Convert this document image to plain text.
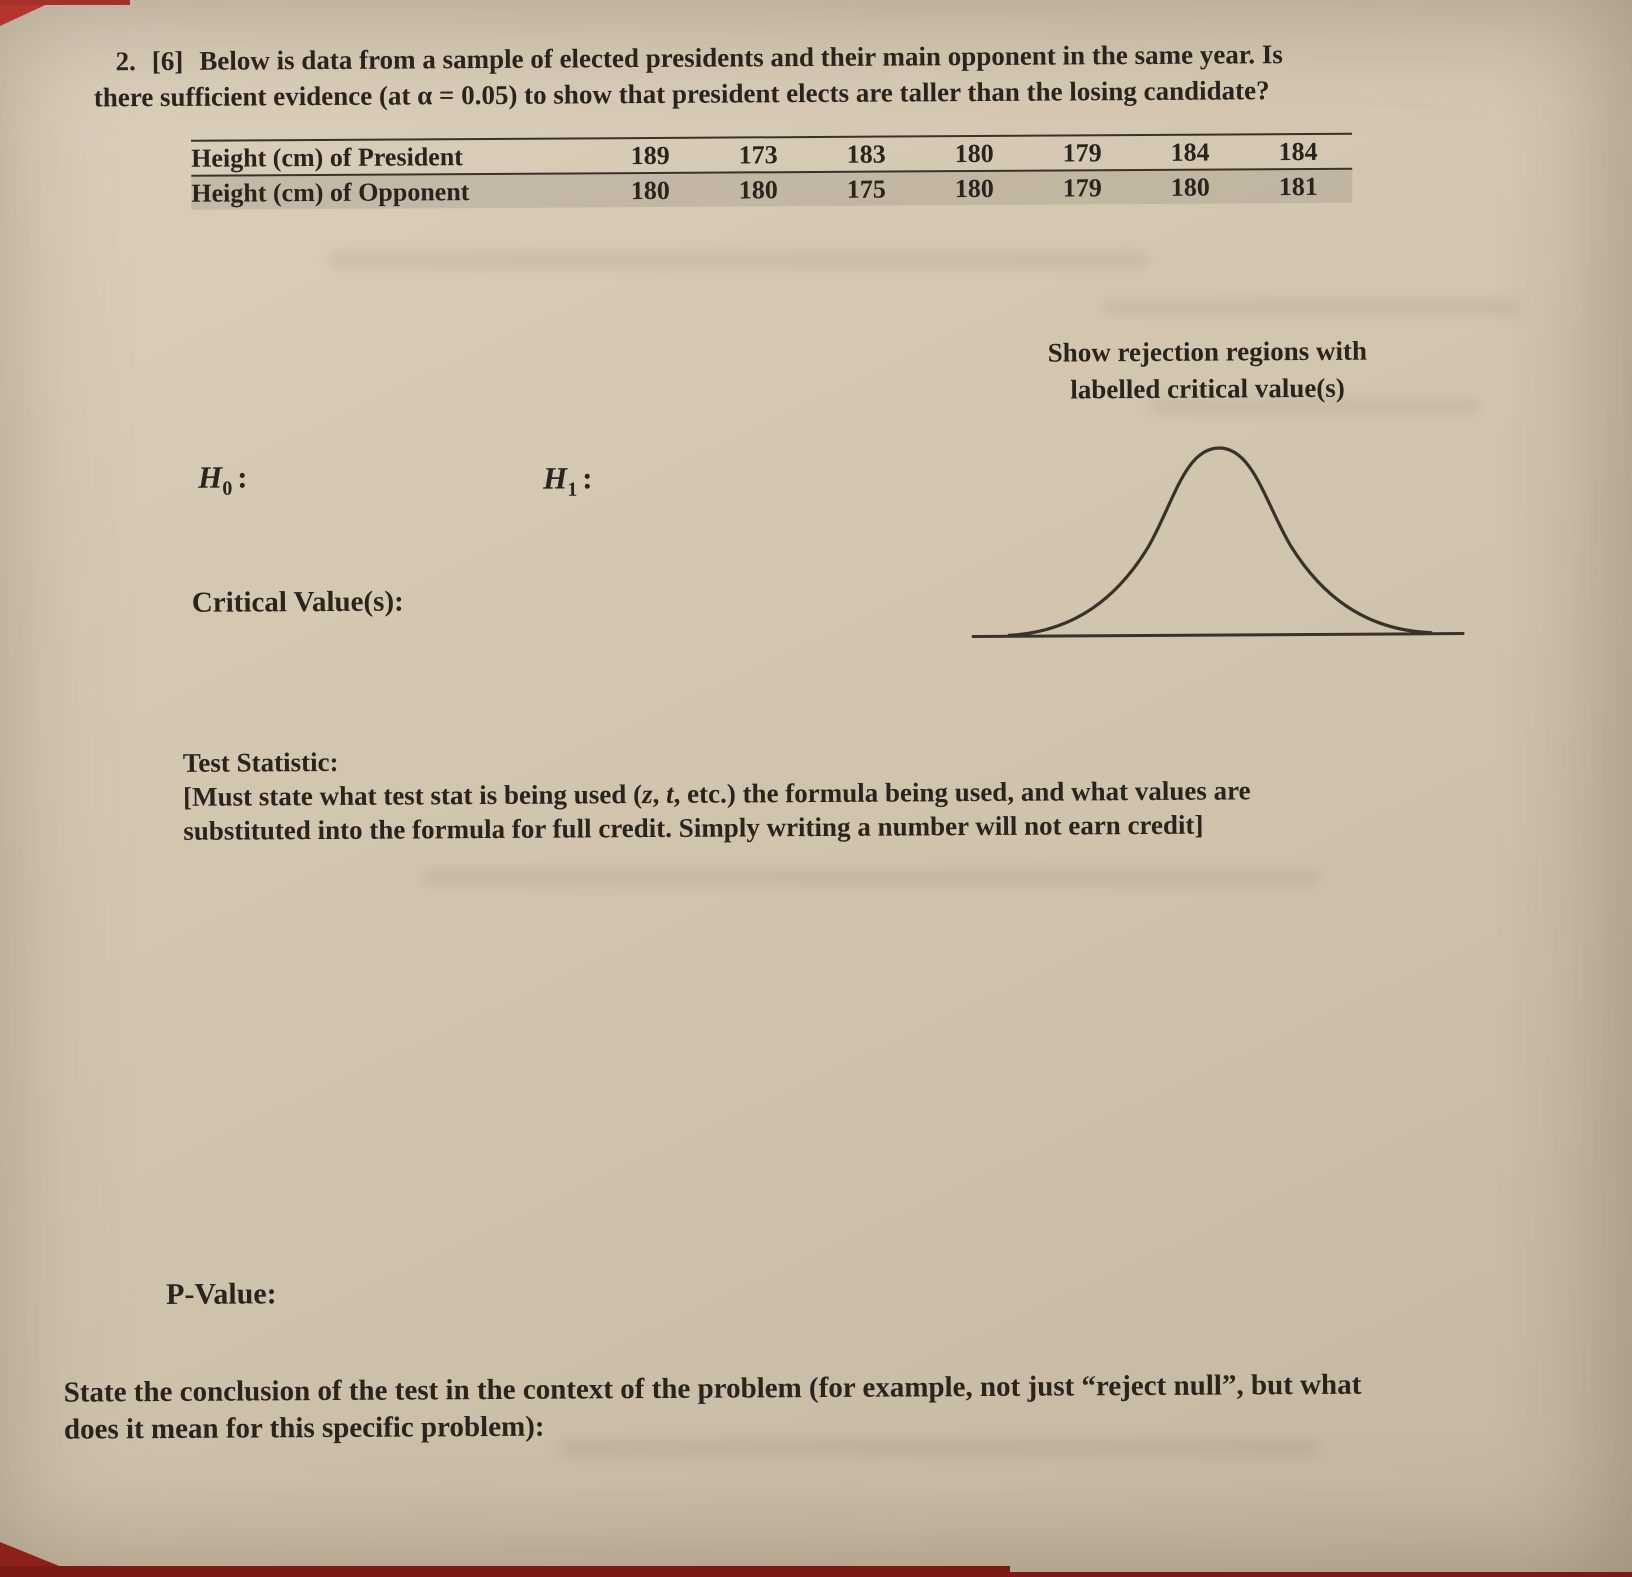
2. [6] Below is data from a sample of elected presidents and their main opponent in the same year. Is
there sufficient evidence (at α = 0.05) to show that president elects are taller than the losing candidate?
Height (cm) of President	189	173	183	180	179	184	184
Height (cm) of Opponent	180	180	175	180	179	180	181
Show rejection regions with
labelled critical value(s)
$H_0$ :	$H_1$ :
Critical Value(s):
Test Statistic:
[Must state what test stat is being used (z, t, etc.) the formula being used, and what values are
substituted into the formula for full credit. Simply writing a number will not earn credit]
P-Value:
State the conclusion of the test in the context of the problem (for example, not just “reject null”, but what
does it mean for this specific problem):
